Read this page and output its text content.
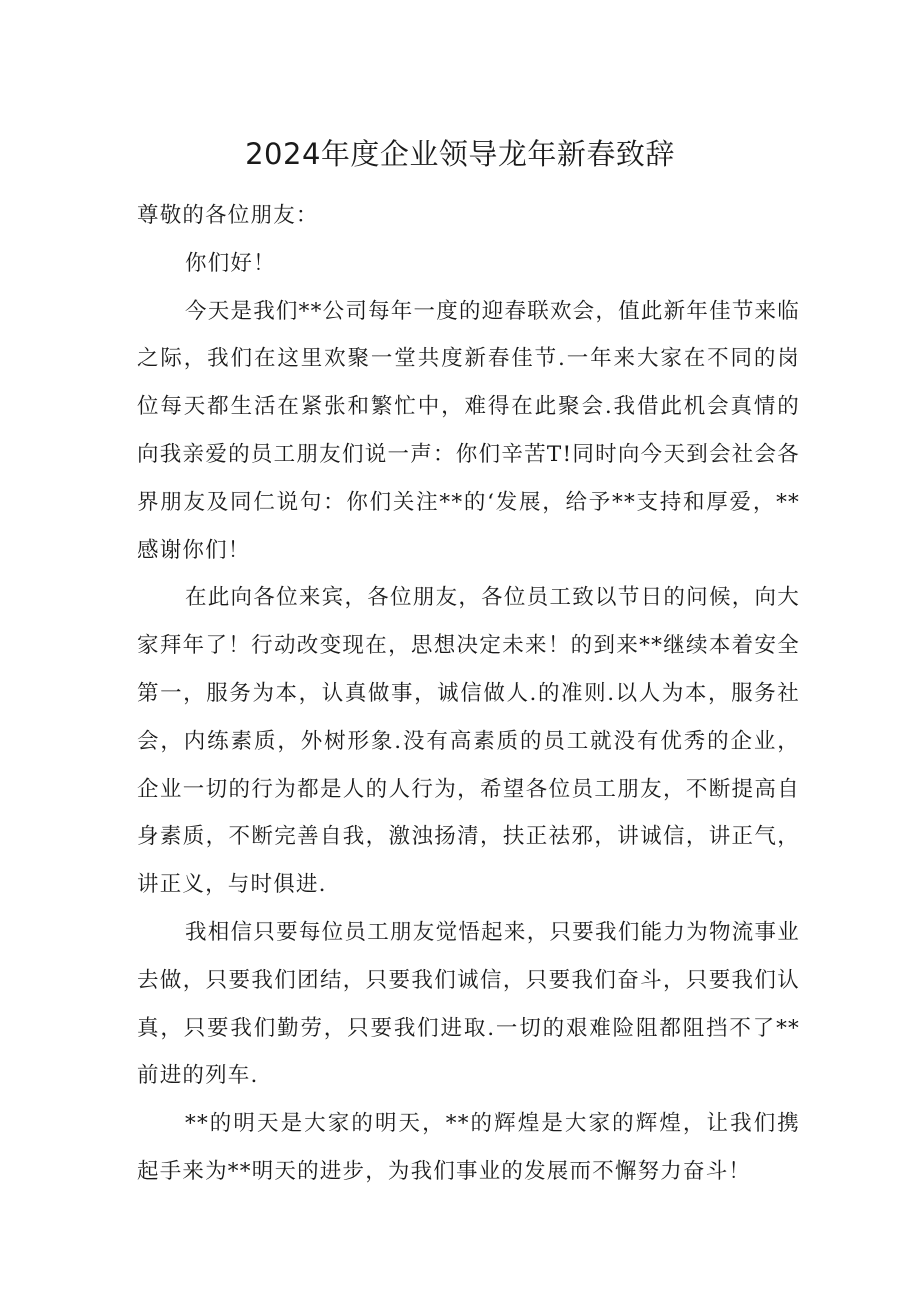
2024年度企业领导龙年新春致辞

尊敬的各位朋友：

你们好！

今天是我们**公司每年一度的迎春联欢会，值此新年佳节来临之际，我们在这里欢聚一堂共度新春佳节.一年来大家在不同的岗位每天都生活在紧张和繁忙中，难得在此聚会.我借此机会真情的向我亲爱的员工朋友们说一声：你们辛苦T!同时向今天到会社会各界朋友及同仁说句：你们关注**的‘发展，给予**支持和厚爱，**感谢你们！

在此向各位来宾，各位朋友，各位员工致以节日的问候，向大家拜年了！行动改变现在，思想决定未来！的到来**继续本着安全第一，服务为本，认真做事，诚信做人.的准则.以人为本，服务社会，内练素质，外树形象.没有高素质的员工就没有优秀的企业，企业一切的行为都是人的人行为，希望各位员工朋友，不断提高自身素质，不断完善自我，激浊扬清，扶正祛邪，讲诚信，讲正气，讲正义，与时俱进.

我相信只要每位员工朋友觉悟起来，只要我们能力为物流事业去做，只要我们团结，只要我们诚信，只要我们奋斗，只要我们认真，只要我们勤劳，只要我们进取.一切的艰难险阻都阻挡不了**前进的列车.

**的明天是大家的明天，**的辉煌是大家的辉煌，让我们携起手来为**明天的进步，为我们事业的发展而不懈努力奋斗！
